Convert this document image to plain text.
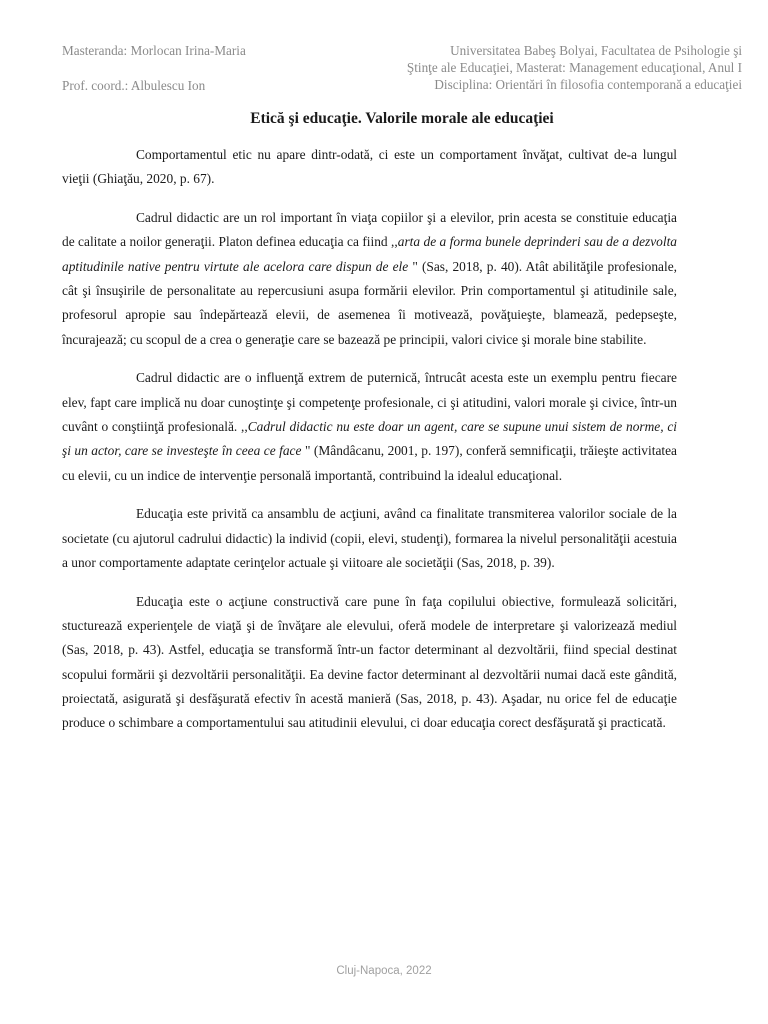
Masteranda: Morlocan Irina-Maria
Prof. coord.: Albulescu Ion
Universitatea Babeş Bolyai, Facultatea de Psihologie şi
Ştinţe ale Educaţiei, Masterat: Management educaţional, Anul I
Disciplina: Orientări în filosofia contemporană a educaţiei
Etică şi educaţie. Valorile morale ale educaţiei

Comportamentul etic nu apare dintr-odată, ci este un comportament învăţat, cultivat de-a lungul vieţii (Ghiaţău, 2020, p. 67).

Cadrul didactic are un rol important în viaţa copiilor şi a elevilor, prin acesta se constituie educaţia de calitate a noilor generaţii. Platon definea educaţia ca fiind ,,arta de a forma bunele deprinderi sau de a dezvolta aptitudinile native pentru virtute ale acelora care dispun de ele " (Sas, 2018, p. 40). Atât abilităţile profesionale, cât şi însuşirile de personalitate au repercusiuni asupa formării elevilor. Prin comportamentul şi atitudinile sale, profesorul apropie sau îndepărtează elevii, de asemenea îi motivează, povăţuieşte, blamează, pedepseşte, încurajează; cu scopul de a crea o generaţie care se bazează pe principii, valori civice şi morale bine stabilite.

Cadrul didactic are o influenţă extrem de puternică, întrucât acesta este un exemplu pentru fiecare elev, fapt care implică nu doar cunoştinţe şi competenţe profesionale, ci şi atitudini, valori morale şi civice, într-un cuvânt o conştiinţă profesională. ,,Cadrul didactic nu este doar un agent, care se supune unui sistem de norme, ci şi un actor, care se investeşte în ceea ce face " (Mândâcanu, 2001, p. 197), conferă semnificaţii, trăieşte activitatea cu elevii, cu un indice de intervenţie personală importantă, contribuind la idealul educaţional.

Educaţia este privită ca ansamblu de acţiuni, având ca finalitate transmiterea valorilor sociale de la societate (cu ajutorul cadrului didactic) la individ (copii, elevi, studenţi), formarea la nivelul personalităţii acestuia a unor comportamente adaptate cerinţelor actuale şi viitoare ale societăţii (Sas, 2018, p. 39).

Educaţia este o acţiune constructivă care pune în faţa copilului obiective, formulează solicitări, stucturează experienţele de viaţă şi de învăţare ale elevului, oferă modele de interpretare şi valorizează mediul (Sas, 2018, p. 43). Astfel, educaţia se transformă într-un factor determinant al dezvoltării, fiind special destinat scopului formării şi dezvoltării personalităţii. Ea devine factor determinant al dezvoltării numai dacă este gândită, proiectată, asigurată şi desfăşurată efectiv în acestă manieră (Sas, 2018, p. 43). Aşadar, nu orice fel de educaţie produce o schimbare a comportamentului sau atitudinii elevului, ci doar educaţia corect desfăşurată şi practicată.

Cluj-Napoca, 2022
